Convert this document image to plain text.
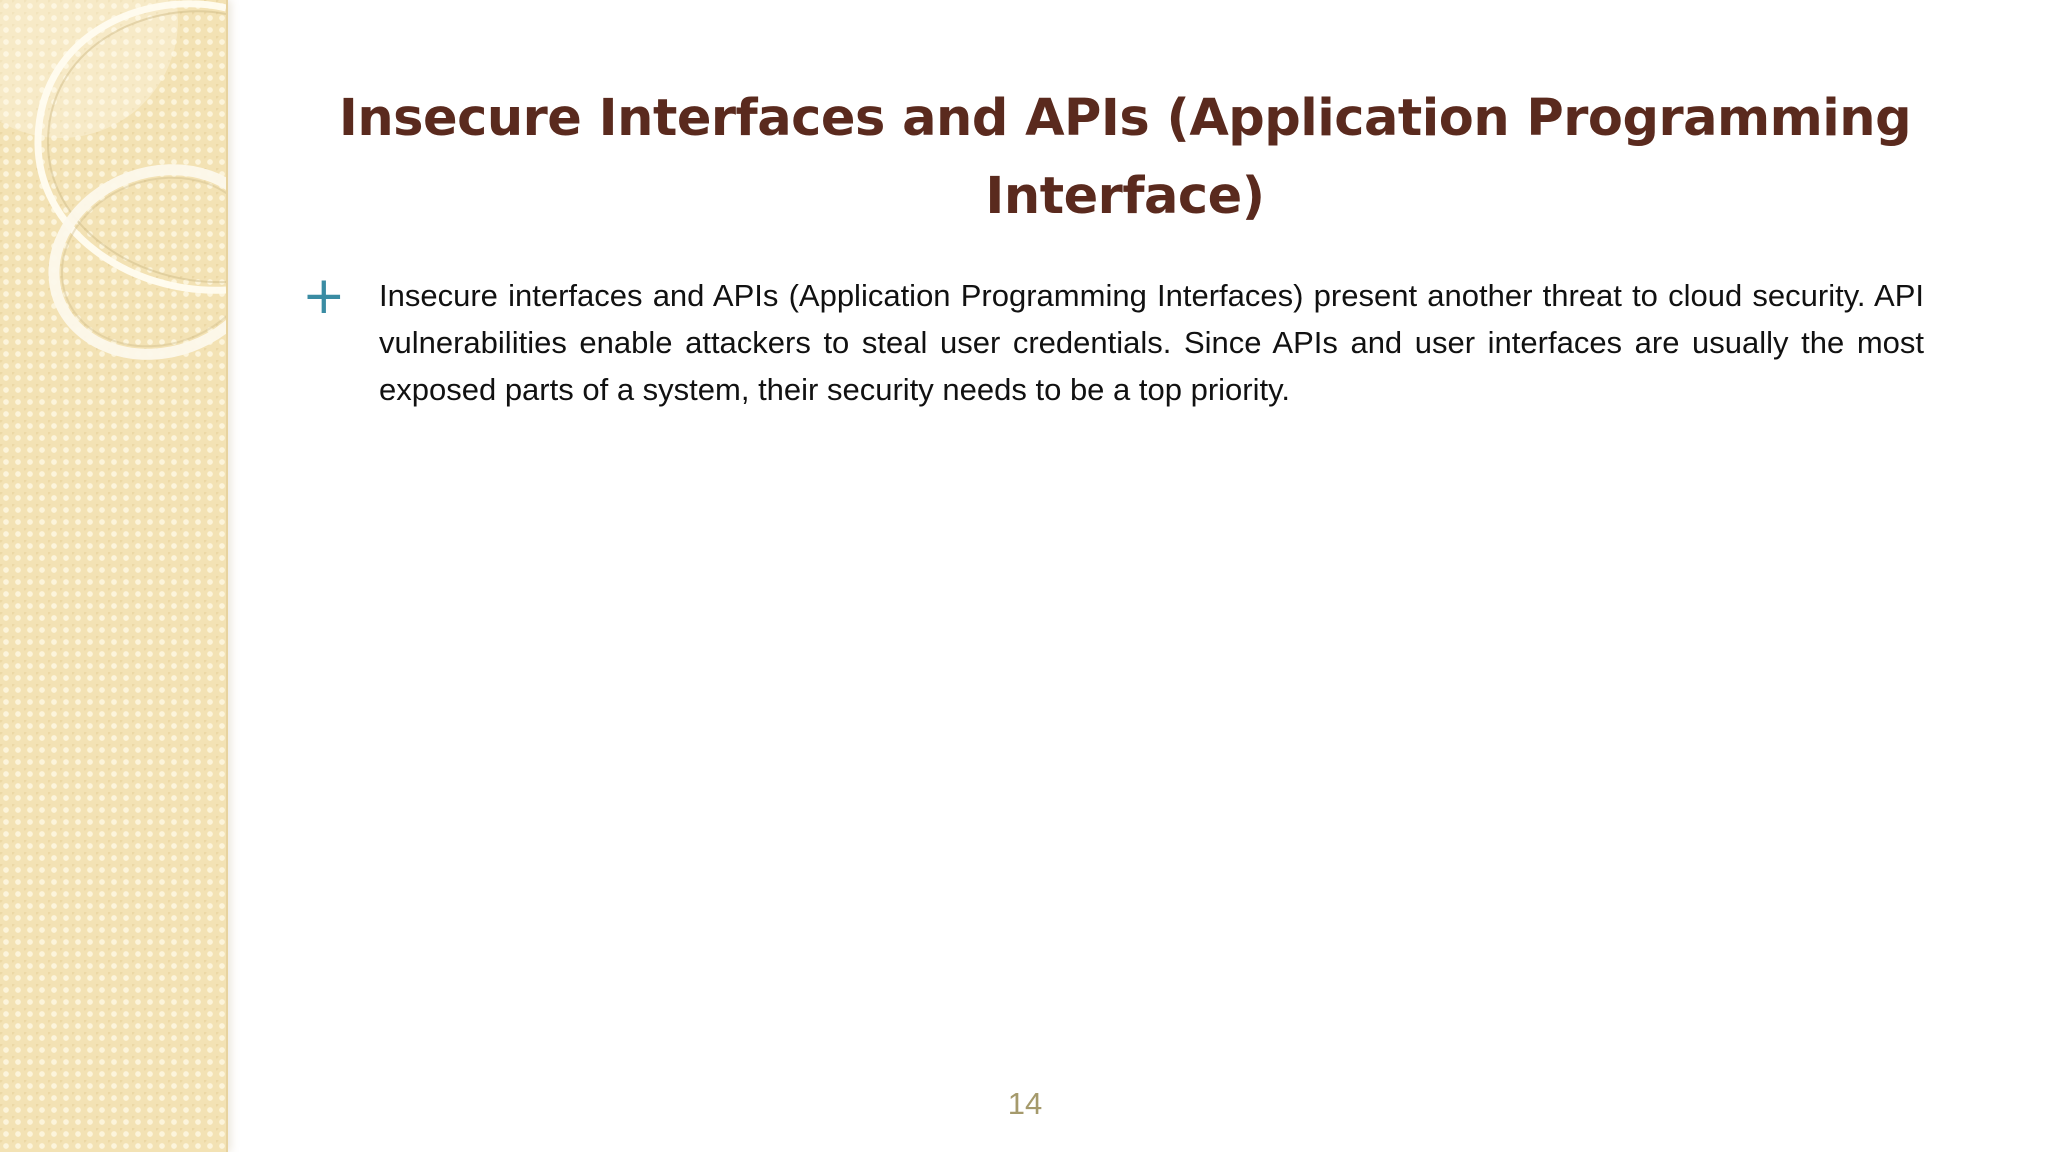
Insecure Interfaces and APIs (Application Programming Interface)
+ Insecure interfaces and APIs (Application Programming Interfaces) present another threat to cloud security. API vulnerabilities enable attackers to steal user credentials. Since APIs and user interfaces are usually the most exposed parts of a system, their security needs to be a top priority.
14
